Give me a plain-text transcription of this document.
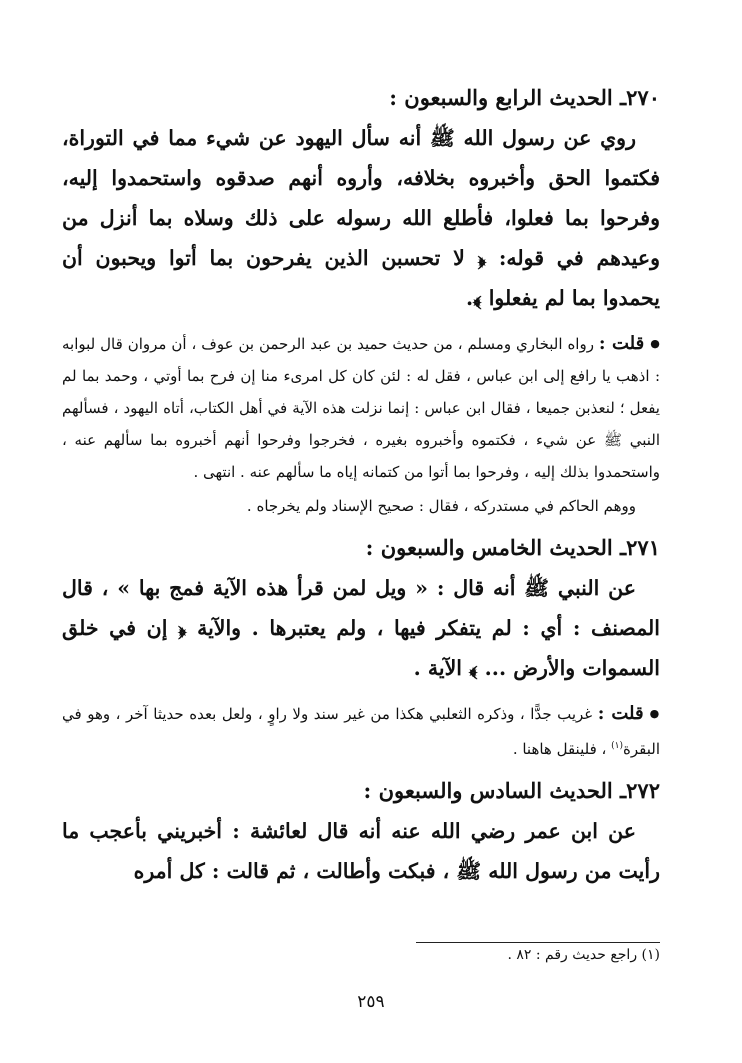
٢٧٠ـ الحديث الرابع والسبعون :

روي عن رسول الله ﷺ أنه سأل اليهود عن شيء مما في التوراة، فكتموا الحق وأخبروه بخلافه، وأروه أنهم صدقوه واستحمدوا إليه، وفرحوا بما فعلوا، فأطلع الله رسوله على ذلك وسلاه بما أنزل من وعيدهم في قوله: ﴿ لا تحسبن الذين يفرحون بما أتوا ويحبون أن يحمدوا بما لم يفعلوا ﴾.

●قلت : رواه البخاري ومسلم ، من حديث حميد بن عبد الرحمن بن عوف ، أن مروان قال لبوابه : اذهب يا رافع إلى ابن عباس ، فقل له : لئن كان كل امرىء منا إن فرح بما أوتي ، وحمد بما لم يفعل ؛ لنعذبن جميعا ، فقال ابن عباس : إنما نزلت هذه الآية في أهل الكتاب، أتاه اليهود ، فسألهم النبي ﷺ عن شيء ، فكتموه وأخبروه بغيره ، فخرجوا وفرحوا أنهم أخبروه بما سألهم عنه ، واستحمدوا بذلك إليه ، وفرحوا بما أتوا من كتمانه إياه ما سألهم عنه . انتهى .

ووهم الحاكم في مستدركه ، فقال : صحيح الإسناد ولم يخرجاه .

٢٧١ـ الحديث الخامس والسبعون :

عن النبي ﷺ أنه قال : « ويل لمن قرأ هذه الآية فمج بها » ، قال المصنف : أي : لم يتفكر فيها ، ولم يعتبرها . والآية ﴿ إن في خلق السموات والأرض ... ﴾ الآية .

●قلت : غريب جدًّا ، وذكره الثعلبي هكذا من غير سند ولا راوٍ ، ولعل بعده حديثا آخر ، وهو في البقرة$^{(١)}$ ، فلينقل هاهنا .

٢٧٢ـ الحديث السادس والسبعون :

عن ابن عمر رضي الله عنه أنه قال لعائشة : أخبريني بأعجب ما رأيت من رسول الله ﷺ ، فبكت وأطالت ، ثم قالت : كل أمره

(١) راجع حديث رقم : ٨٢ .
٢٥٩
